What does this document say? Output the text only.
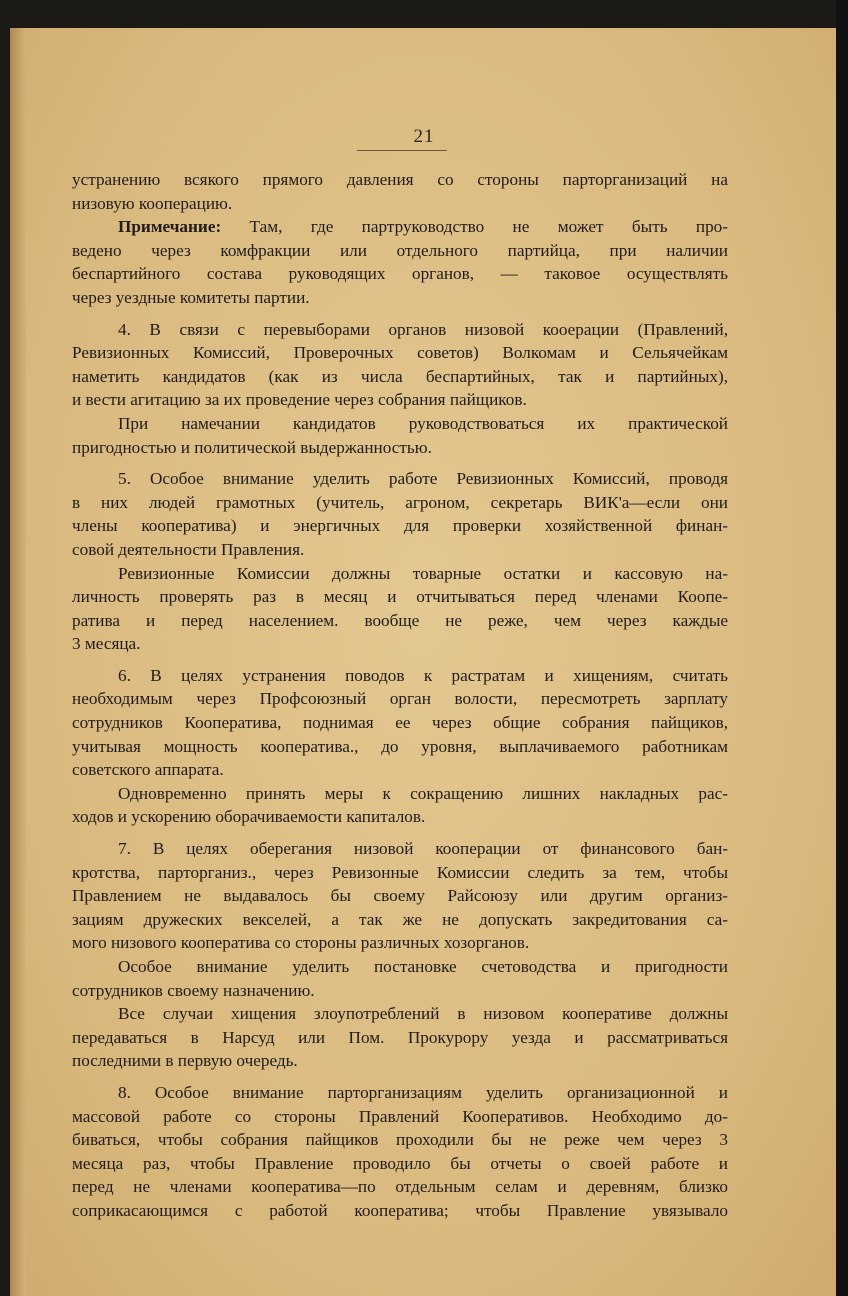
21
устранению всякого прямого давления со стороны парторганизаций на
низовую кооперацию.
Примечание: Там, где партруководство не может быть про-
ведено через комфракции или отдельного партийца, при наличии
беспартийного состава руководящих органов, — таковое осуществлять
через уездные комитеты партии.
4. В связи с перевыборами органов низовой кооерации (Правлений,
Ревизионных Комиссий, Проверочных советов) Волкомам и Сельячейкам
наметить кандидатов (как из числа беспартийных, так и партийных),
и вести агитацию за их проведение через собрания пайщиков.
При намечании кандидатов руководствоваться их практической
пригодностью и политической выдержанностью.
5. Особое внимание уделить работе Ревизионных Комиссий, проводя
в них людей грамотных (учитель, агроном, секретарь ВИК'а—если они
члены кооператива) и энергичных для проверки хозяйственной финан-
совой деятельности Правления.
Ревизионные Комиссии должны товарные остатки и кассовую на-
личность проверять раз в месяц и отчитываться перед членами Коопе-
ратива и перед населением. вообще не реже, чем через каждые
3 месяца.
6. В целях устранения поводов к растратам и хищениям, считать
необходимым через Профсоюзный орган волости, пересмотреть зарплату
сотрудников Кооператива, поднимая ее через общие собрания пайщиков,
учитывая мощность кооператива., до уровня, выплачиваемого работникам
советского аппарата.
Одновременно принять меры к сокращению лишних накладных рас-
ходов и ускорению оборачиваемости капиталов.
7. В целях оберегания низовой кооперации от финансового бан-
кротства, парторганиз., через Ревизонные Комиссии следить за тем, чтобы
Правлением не выдавалось бы своему Райсоюзу или другим организ-
зациям дружеских векселей, а так же не допускать закредитования са-
мого низового кооператива со стороны различных хозорганов.
Особое внимание уделить постановке счетоводства и пригодности
сотрудников своему назначению.
Все случаи хищения злоупотреблений в низовом кооперативе должны
передаваться в Нарсуд или Пом. Прокурору уезда и рассматриваться
последними в первую очередь.
8. Особое внимание парторганизациям уделить организационной и
массовой работе со стороны Правлений Кооперативов. Необходимо до-
биваться, чтобы собрания пайщиков проходили бы не реже чем через 3
месяца раз, чтобы Правление проводило бы отчеты о своей работе и
перед не членами кооператива—по отдельным селам и деревням, близко
соприкасающимся с работой кооператива; чтобы Правление увязывало
